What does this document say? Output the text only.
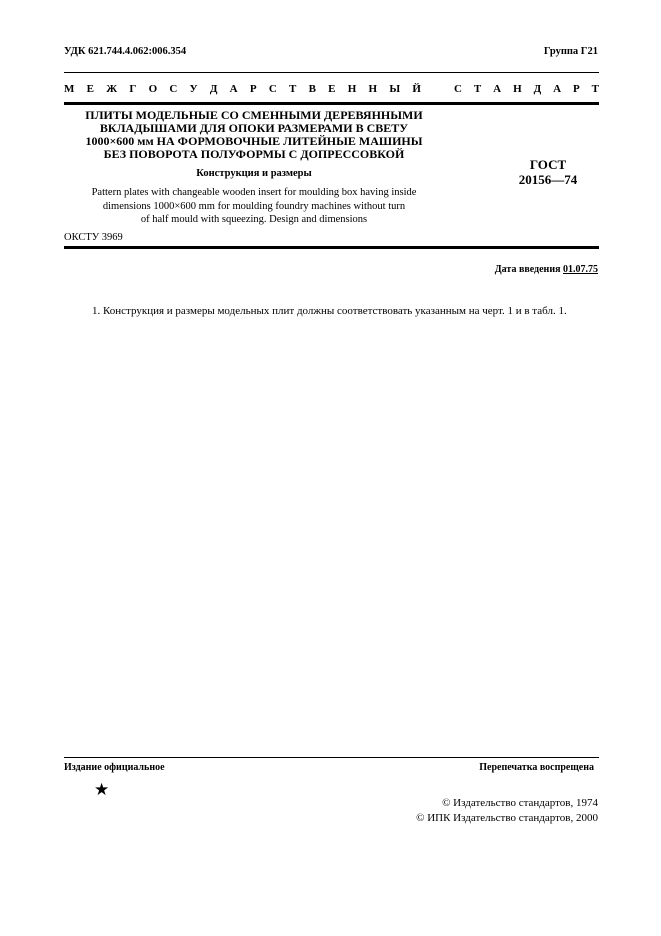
УДК 621.744.4.062:006.354	Группа Г21
М Е Ж Г О С У Д А Р С Т В Е Н Н Ы Й	С Т А Н Д А Р Т
ПЛИТЫ МОДЕЛЬНЫЕ СО СМЕННЫМИ ДЕРЕВЯННЫМИ
ВКЛАДЫШАМИ ДЛЯ ОПОКИ РАЗМЕРАМИ В СВЕТУ
1000×600 мм НА ФОРМОВОЧНЫЕ ЛИТЕЙНЫЕ МАШИНЫ
БЕЗ ПОВОРОТА ПОЛУФОРМЫ С ДОПРЕССОВКОЙ
Конструкция и размеры
Pattern plates with changeable wooden insert for moulding box having inside
dimensions 1000×600 mm for moulding foundry machines without turn
of half mould with squeezing. Design and dimensions
ГОСТ
20156—74
ОКСТУ 3969
Дата введения 01.07.75
1. Конструкция и размеры модельных плит должны соответствовать указанным на черт. 1 и в табл. 1.
Издание официальное	Перепечатка воспрещена
★
© Издательство стандартов, 1974
© ИПК Издательство стандартов, 2000
